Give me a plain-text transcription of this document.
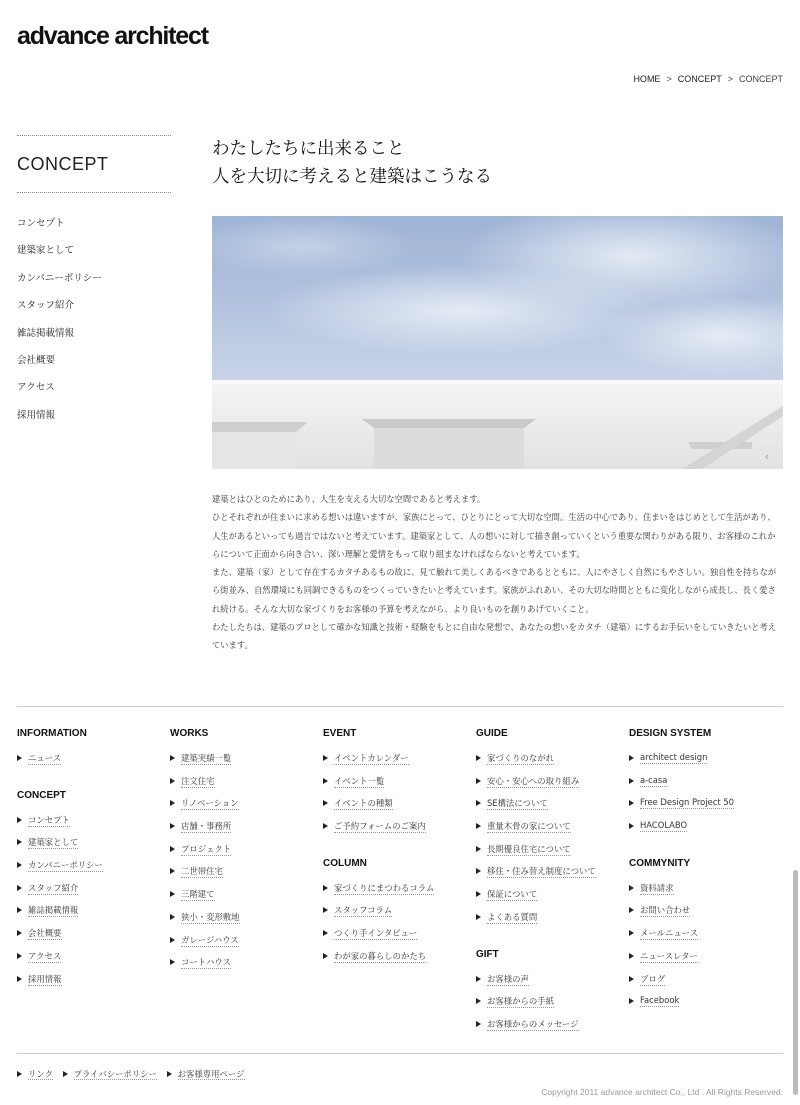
advance architect
HOME > CONCEPT > CONCEPT
CONCEPT
コンセプト
建築家として
カンパニーポリシー
スタッフ紹介
雑誌掲載情報
会社概要
アクセス
採用情報
わたしたちに出来ること
人を大切に考えると建築はこうなる
‹

建築とはひとのためにあり、人生を支える大切な空間であると考えます。

ひとそれぞれが住まいに求める想いは違いますが、家族にとって、ひとりにとって大切な空間。生活の中心であり、住まいをはじめとして生活があり、人生があるといっても過言ではないと考えています。建築家として、人の想いに対して描き創っていくという重要な関わりがある限り、お客様のこれからについて正面から向き合い、深い理解と愛情をもって取り組まなければならないと考えています。

また、建築（家）として存在するカタチあるもの故に、見て触れて美しくあるべきであるとともに、人にやさしく自然にもやさしい。独自性を持ちながら街並み、自然環境にも同調できるものをつくっていきたいと考えています。家族がふれあい、その大切な時間とともに変化しながら成長し、長く愛され続ける。そんな大切な家づくりをお客様の予算を考えながら、より良いものを創りあげていくこと。

わたしたちは、建築のプロとして確かな知識と技術・経験をもとに自由な発想で、あなたの想いをカタチ（建築）にするお手伝いをしていきたいと考えています。

INFORMATION
ニュース
CONCEPT
コンセプト
建築家として
カンパニーポリシー
スタッフ紹介
雑誌掲載情報
会社概要
アクセス
採用情報
WORKS
建築実績一覧
注文住宅
リノベーション
店舗・事務所
プロジェクト
二世帯住宅
三階建て
狭小・変形敷地
ガレージハウス
コートハウス
EVENT
イベントカレンダー
イベント一覧
イベントの種類
ご予約フォームのご案内
COLUMN
家づくりにまつわるコラム
スタッフコラム
つくり手インタビュー
わが家の暮らしのかたち
GUIDE
家づくりのながれ
安心・安心への取り組み
SE構法について
重量木骨の家について
長期優良住宅について
移住・住み替え制度について
保証について
よくある質問
GIFT
お客様の声
お客様からの手紙
お客様からのメッセージ
DESIGN SYSTEM
architect design
a-casa
Free Design Project 50
HACOLABO
COMMYNITY
資料請求
お問い合わせ
メールニュース
ニュースレター
ブログ
Facebook
リンク プライバシーポリシー お客様専用ページ
Copyright 2011 advance architect Co., Ltd . All Rights Reserved.
